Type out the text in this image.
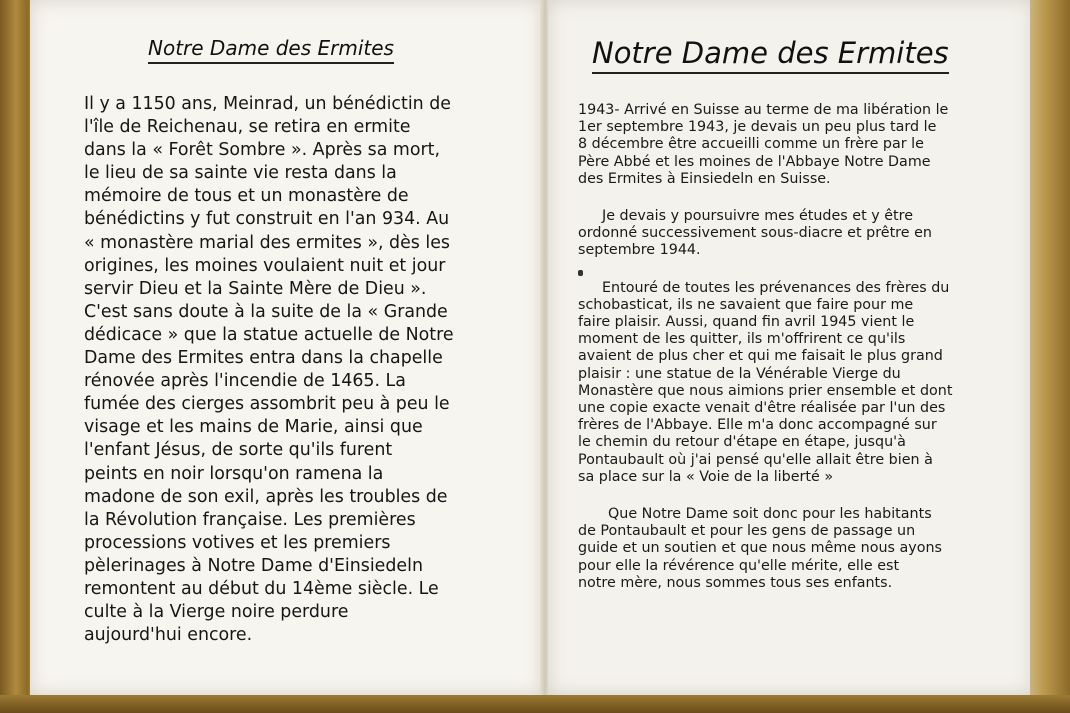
Notre Dame des Ermites	Notre Dame des Ermites

Il y a 1150 ans, Meinrad, un bénédictin de

l'île de Reichenau, se retira en ermite

dans la « Forêt Sombre ». Après sa mort,

le lieu de sa sainte vie resta dans la

mémoire de tous et un monastère de

bénédictins y fut construit en l'an 934. Au

« monastère marial des ermites », dès les

origines, les moines voulaient nuit et jour

servir Dieu et la Sainte Mère de Dieu ».

C'est sans doute à la suite de la « Grande

dédicace » que la statue actuelle de Notre

Dame des Ermites entra dans la chapelle

rénovée après l'incendie de 1465. La

fumée des cierges assombrit peu à peu le

visage et les mains de Marie, ainsi que

l'enfant Jésus, de sorte qu'ils furent

peints en noir lorsqu'on ramena la

madone de son exil, après les troubles de

la Révolution française. Les premières

processions votives et les premiers

pèlerinages à Notre Dame d'Einsiedeln

remontent au début du 14ème siècle. Le

culte à la Vierge noire perdure

aujourd'hui encore.

1943- Arrivé en Suisse au terme de ma libération le

1er septembre 1943, je devais un peu plus tard le

8 décembre être accueilli comme un frère par le

Père Abbé et les moines de l'Abbaye Notre Dame

des Ermites à Einsiedeln en Suisse.

Je devais y poursuivre mes études et y être

ordonné successivement sous-diacre et prêtre en

septembre 1944.

Entouré de toutes les prévenances des frères du

schobasticat, ils ne savaient que faire pour me

faire plaisir. Aussi, quand fin avril 1945 vient le

moment de les quitter, ils m'offrirent ce qu'ils

avaient de plus cher et qui me faisait le plus grand

plaisir : une statue de la Vénérable Vierge du

Monastère que nous aimions prier ensemble et dont

une copie exacte venait d'être réalisée par l'un des

frères de l'Abbaye. Elle m'a donc accompagné sur

le chemin du retour d'étape en étape, jusqu'à

Pontaubault où j'ai pensé qu'elle allait être bien à

sa place sur la « Voie de la liberté »

Que Notre Dame soit donc pour les habitants

de Pontaubault et pour les gens de passage un

guide et un soutien et que nous même nous ayons

pour elle la révérence qu'elle mérite, elle est

notre mère, nous sommes tous ses enfants.
